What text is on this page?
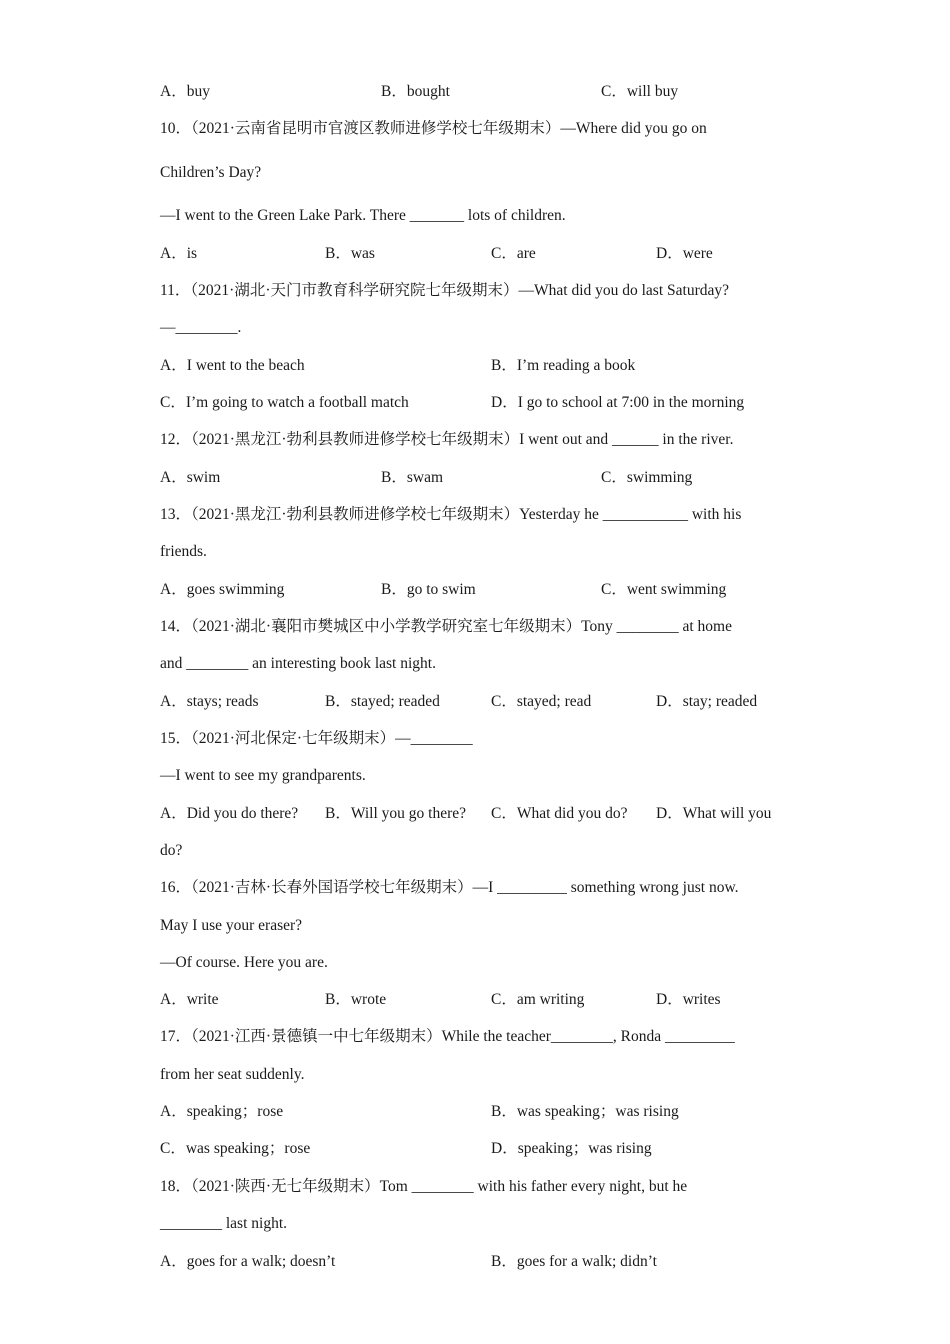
A．buy	B．bought	C．will buy
10．（2021·云南省昆明市官渡区教师进修学校七年级期末）—Where did you go on
Children’s Day?
—I went to the Green Lake Park. There _______ lots of children.
A．is	B．was	C．are	D．were
11．（2021·湖北·天门市教育科学研究院七年级期末）—What did you do last Saturday?
—________.
A．I went to the beach	B．I’m reading a book
C．I’m going to watch a football match	D．I go to school at 7:00 in the morning
12．（2021·黑龙江·勃利县教师进修学校七年级期末）I went out and ______ in the river.
A．swim	B．swam	C．swimming
13．（2021·黑龙江·勃利县教师进修学校七年级期末）Yesterday he ___________ with his
friends.
A．goes swimming	B．go to swim	C．went swimming
14．（2021·湖北·襄阳市樊城区中小学教学研究室七年级期末）Tony ________ at home
and ________ an interesting book last night.
A．stays; reads	B．stayed; readed	C．stayed; read	D．stay; readed
15．（2021·河北保定·七年级期末）—________
—I went to see my grandparents.
A．Did you do there? B．Will you go there? C．What did you do? D．What will you
do?
16．（2021·吉林·长春外国语学校七年级期末）—I _________ something wrong just now.
May I use your eraser?
—Of course. Here you are.
A．write	B．wrote	C．am writing	D．writes
17．（2021·江西·景德镇一中七年级期末）While the teacher________, Ronda _________
from her seat suddenly.
A．speaking；rose	B．was speaking；was rising
C．was speaking；rose	D．speaking；was rising
18．（2021·陕西·无七年级期末）Tom ________ with his father every night, but he
________ last night.
A．goes for a walk; doesn’t	B．goes for a walk; didn’t
